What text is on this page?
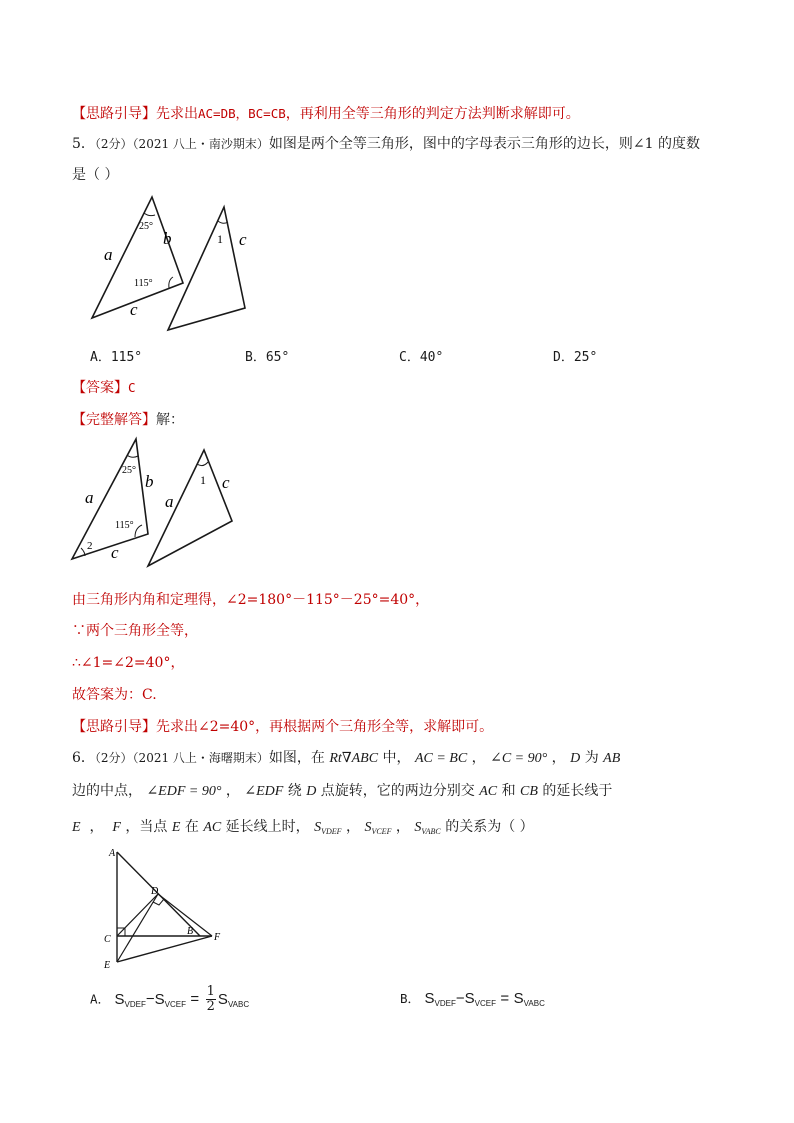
【思路引导】先求出AC=DB，BC=CB，再利用全等三角形的判定方法判断求解即可。
5．（2分）（2021 八上・南沙期末）如图是两个全等三角形，图中的字母表示三角形的边长，则∠1 的度数
是（ ）
25°
115°
a
b
c
1 c
A．115°	B．65°	C．40°	D．25°
【答案】C
【完整解答】解：
25°
115°
2
a
b
c
1
a
c
由三角形内角和定理得，∠2=180°－115°－25°=40°，
∵两个三角形全等，
∴∠1=∠2=40°，
故答案为：C.
【思路引导】先求出∠2=40°，再根据两个三角形全等，求解即可。
6．（2分）（2021 八上・海曙期末）如图，在 Rt∇ABC 中， AC = BC ， ∠C = 90° ， D 为 AB
边的中点， ∠EDF = 90° ， ∠EDF 绕 D 点旋转，它的两边分别交 AC 和 CB 的延长线于
E ， F ，当点 E 在 AC 延长线上时， $S_{VDEF}$ ， $S_{VCEF}$ ， $S_{VABC}$ 的关系为（ ）
A
D
C
B
F
E
A． $S_{VDEF}-S_{VCEF} = \frac{1}{2} S_{VABC}$	B． $S_{VDEF}-S_{VCEF} = S_{VABC}$
